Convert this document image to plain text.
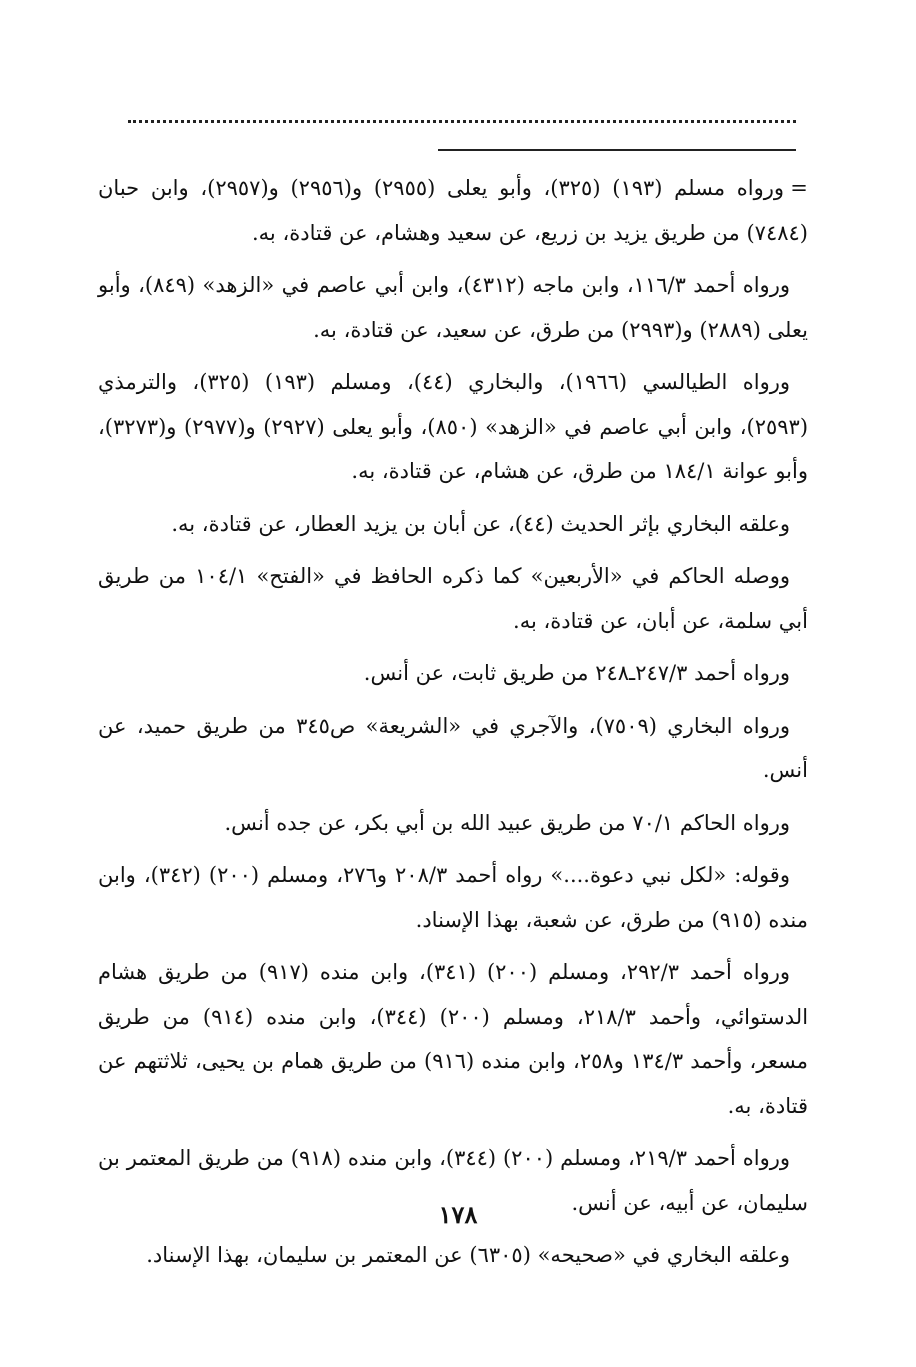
=ورواه مسلم (١٩٣) (٣٢٥)، وأبو يعلى (٢٩٥٥) و(٢٩٥٦) و(٢٩٥٧)، وابن حبان (٧٤٨٤) من طريق يزيد بن زريع، عن سعيد وهشام، عن قتادة، به.

ورواه أحمد ١١٦/٣، وابن ماجه (٤٣١٢)، وابن أبي عاصم في «الزهد» (٨٤٩)، وأبو يعلى (٢٨٨٩) و(٢٩٩٣) من طرق، عن سعيد، عن قتادة، به.

ورواه الطيالسي (١٩٦٦)، والبخاري (٤٤)، ومسلم (١٩٣) (٣٢٥)، والترمذي (٢٥٩٣)، وابن أبي عاصم في «الزهد» (٨٥٠)، وأبو يعلى (٢٩٢٧) و(٢٩٧٧) و(٣٢٧٣)، وأبو عوانة ١٨٤/١ من طرق، عن هشام، عن قتادة، به.

وعلقه البخاري بإثر الحديث (٤٤)، عن أبان بن يزيد العطار، عن قتادة، به.

ووصله الحاكم في «الأربعين» كما ذكره الحافظ في «الفتح» ١٠٤/١ من طريق أبي سلمة، عن أبان، عن قتادة، به.

ورواه أحمد ٢٤٧/٣ـ٢٤٨ من طريق ثابت، عن أنس.

ورواه البخاري (٧٥٠٩)، والآجري في «الشريعة» ص٣٤٥ من طريق حميد، عن أنس.

ورواه الحاكم ٧٠/١ من طريق عبيد الله بن أبي بكر، عن جده أنس.

وقوله: «لكل نبي دعوة....» رواه أحمد ٢٠٨/٣ و٢٧٦، ومسلم (٢٠٠) (٣٤٢)، وابن منده (٩١٥) من طرق، عن شعبة، بهذا الإسناد.

ورواه أحمد ٢٩٢/٣، ومسلم (٢٠٠) (٣٤١)، وابن منده (٩١٧) من طريق هشام الدستوائي، وأحمد ٢١٨/٣، ومسلم (٢٠٠) (٣٤٤)، وابن منده (٩١٤) من طريق مسعر، وأحمد ١٣٤/٣ و٢٥٨، وابن منده (٩١٦) من طريق همام بن يحيى، ثلاثتهم عن قتادة، به.

ورواه أحمد ٢١٩/٣، ومسلم (٢٠٠) (٣٤٤)، وابن منده (٩١٨) من طريق المعتمر بن سليمان، عن أبيه، عن أنس.

وعلقه البخاري في «صحيحه» (٦٣٠٥) عن المعتمر بن سليمان، بهذا الإسناد.

١٧٨
